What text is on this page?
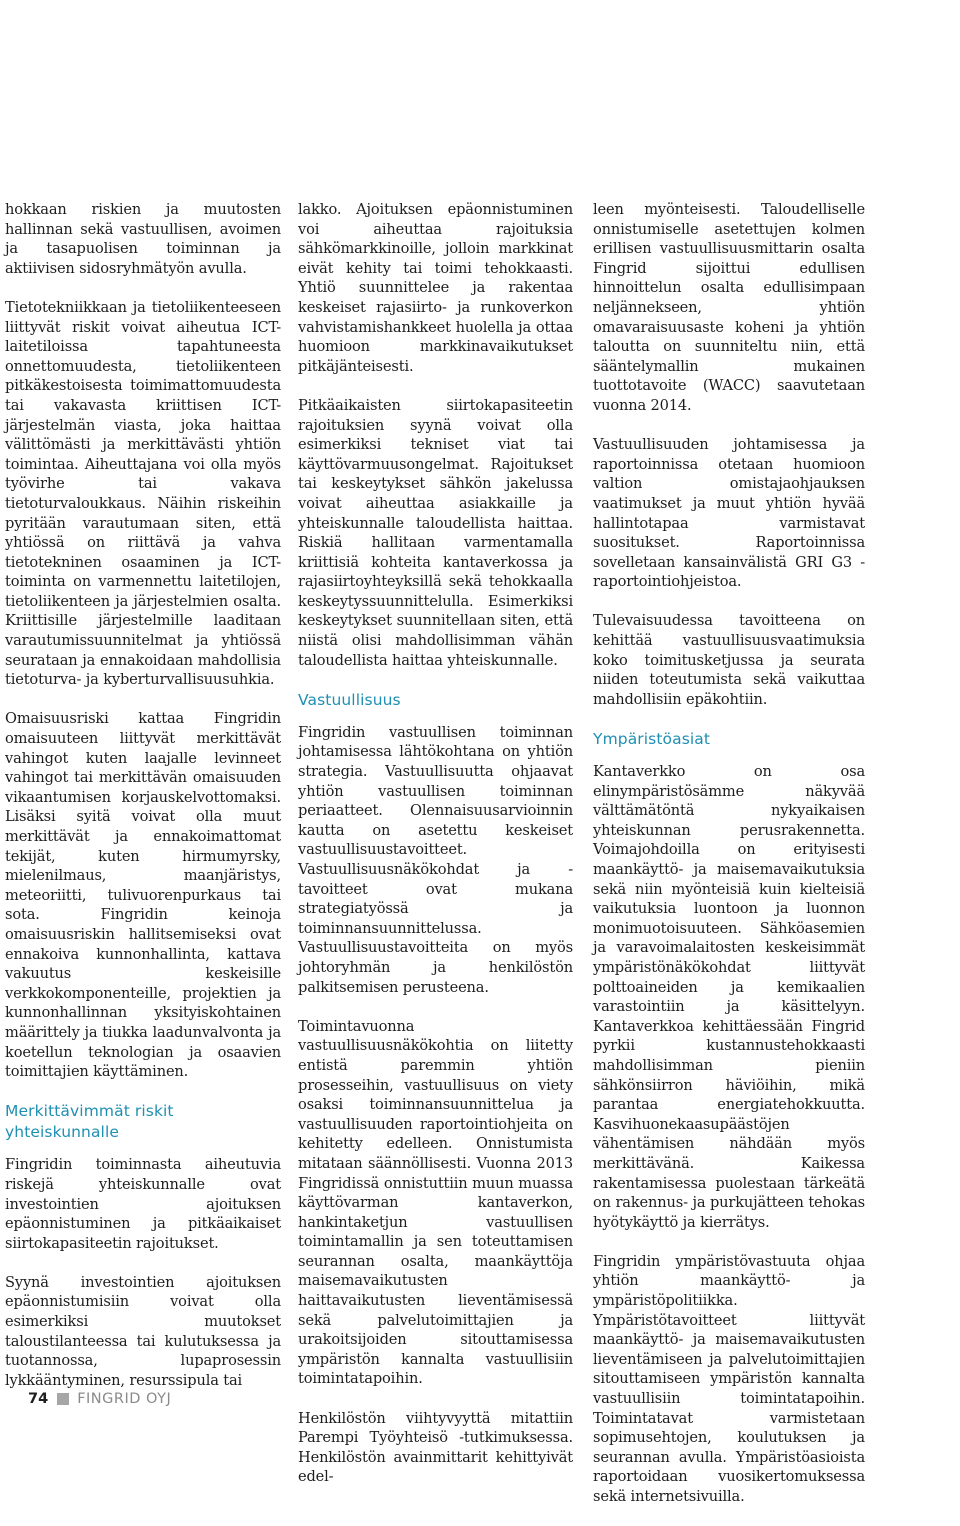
hokkaan riskien ja muutosten hallinnan sekä vastuullisen, avoimen ja tasapuolisen toiminnan ja aktiivisen sidosryhmätyön avulla.

Tietotekniikkaan ja tietoliikenteeseen liittyvät riskit voivat aiheutua ICT-laitetiloissa tapahtuneesta onnettomuudesta, tietoliikenteen pitkäkestoisesta toimimattomuudesta tai vakavasta kriittisen ICT-järjestelmän viasta, joka haittaa välittömästi ja merkittävästi yhtiön toimintaa. Aiheuttajana voi olla myös työvirhe tai vakava tietoturvaloukkaus. Näihin riskeihin pyritään varautumaan siten, että yhtiössä on riittävä ja vahva tietotekninen osaaminen ja ICT-toiminta on varmennettu laitetilojen, tietoliikenteen ja järjestelmien osalta. Kriittisille järjestelmille laaditaan varautumissuunnitelmat ja yhtiössä seurataan ja ennakoidaan mahdollisia tietoturva- ja kyberturvallisuusuhkia.

Omaisuusriski kattaa Fingridin omaisuuteen liittyvät merkittävät vahingot kuten laajalle levinneet vahingot tai merkittävän omaisuuden vikaantumisen korjauskelvottomaksi. Lisäksi syitä voivat olla muut merkittävät ja ennakoimattomat tekijät, kuten hirmumyrsky, mielenilmaus, maanjäristys, meteoriitti, tulivuorenpurkaus tai sota. Fingridin keinoja omaisuusriskin hallitsemiseksi ovat ennakoiva kunnonhallinta, kattava vakuutus keskeisille verkkokomponenteille, projektien ja kunnonhallinnan yksityiskohtainen määrittely ja tiukka laadunvalvonta ja koetellun teknologian ja osaavien toimittajien käyttäminen.

Merkittävimmät riskit yhteiskunnalle

Fingridin toiminnasta aiheutuvia riskejä yhteiskunnalle ovat investointien ajoituksen epäonnistuminen ja pitkäaikaiset siirtokapasiteetin rajoitukset.

Syynä investointien ajoituksen epäonnistumisiin voivat olla esimerkiksi muutokset taloustilanteessa tai kulutuksessa ja tuotannossa, lupaprosessin lykkääntyminen, resurssipula tai

lakko. Ajoituksen epäonnistuminen voi aiheuttaa rajoituksia sähkömarkkinoille, jolloin markkinat eivät kehity tai toimi tehokkaasti. Yhtiö suunnittelee ja rakentaa keskeiset rajasiirto- ja runkoverkon vahvistamishankkeet huolella ja ottaa huomioon markkinavaikutukset pitkäjänteisesti.

Pitkäaikaisten siirtokapasiteetin rajoituksien syynä voivat olla esimerkiksi tekniset viat tai käyttövarmuusongelmat. Rajoitukset tai keskeytykset sähkön jakelussa voivat aiheuttaa asiakkaille ja yhteiskunnalle taloudellista haittaa. Riskiä hallitaan varmentamalla kriittisiä kohteita kantaverkossa ja rajasiirtoyhteyksillä sekä tehokkaalla keskeytyssuunnittelulla. Esimerkiksi keskeytykset suunnitellaan siten, että niistä olisi mahdollisimman vähän taloudellista haittaa yhteiskunnalle.

Vastuullisuus

Fingridin vastuullisen toiminnan johtamisessa lähtökohtana on yhtiön strategia. Vastuullisuutta ohjaavat yhtiön vastuullisen toiminnan periaatteet. Olennaisuusarvioinnin kautta on asetettu keskeiset vastuullisuustavoitteet. Vastuullisuusnäkökohdat ja -tavoitteet ovat mukana strategiatyössä ja toiminnansuunnittelussa. Vastuullisuustavoitteita on myös johtoryhmän ja henkilöstön palkitsemisen perusteena.

Toimintavuonna vastuullisuusnäkökohtia on liitetty entistä paremmin yhtiön prosesseihin, vastuullisuus on viety osaksi toiminnansuunnittelua ja vastuullisuuden raportointiohjeita on kehitetty edelleen. Onnistumista mitataan säännöllisesti. Vuonna 2013 Fingridissä onnistuttiin muun muassa käyttövarman kantaverkon, hankintaketjun vastuullisen toimintamallin ja sen toteuttamisen seurannan osalta, maankäyttöja maisemavaikutusten haittavaikutusten lieventämisessä sekä palvelutoimittajien ja urakoitsijoiden sitouttamisessa ympäristön kannalta vastuullisiin toimintatapoihin.

Henkilöstön viihtyvyyttä mitattiin Parempi Työyhteisö -tutkimuksessa. Henkilöstön avainmittarit kehittyivät edel-

leen myönteisesti. Taloudelliselle onnistumiselle asetettujen kolmen erillisen vastuullisuusmittarin osalta Fingrid sijoittui edullisen hinnoittelun osalta edullisimpaan neljännekseen, yhtiön omavaraisuusaste koheni ja yhtiön taloutta on suunniteltu niin, että sääntelymallin mukainen tuottotavoite (WACC) saavutetaan vuonna 2014.

Vastuullisuuden johtamisessa ja raportoinnissa otetaan huomioon valtion omistajaohjauksen vaatimukset ja muut yhtiön hyvää hallintotapaa varmistavat suositukset. Raportoinnissa sovelletaan kansainvälistä GRI G3 -raportointiohjeistoa.

Tulevaisuudessa tavoitteena on kehittää vastuullisuusvaatimuksia koko toimitusketjussa ja seurata niiden toteutumista sekä vaikuttaa mahdollisiin epäkohtiin.

Ympäristöasiat

Kantaverkko on osa elinympäristösämme näkyvää välttämätöntä nykyaikaisen yhteiskunnan perusrakennetta. Voimajohdoilla on erityisesti maankäyttö- ja maisemavaikutuksia sekä niin myönteisiä kuin kielteisiä vaikutuksia luontoon ja luonnon monimuotoisuuteen. Sähköasemien ja varavoimalaitosten keskeisimmät ympäristönäkökohdat liittyvät polttoaineiden ja kemikaalien varastointiin ja käsittelyyn. Kantaverkkoa kehittäessään Fingrid pyrkii kustannustehokkaasti mahdollisimman pieniin sähkönsiirron häviöihin, mikä parantaa energiatehokkuutta. Kasvihuonekaasupäästöjen vähentämisen nähdään myös merkittävänä. Kaikessa rakentamisessa puolestaan tärkeätä on rakennus- ja purkujätteen tehokas hyötykäyttö ja kierrätys.

Fingridin ympäristövastuuta ohjaa yhtiön maankäyttö- ja ympäristöpolitiikka. Ympäristötavoitteet liittyvät maankäyttö- ja maisemavaikutusten lieventämiseen ja palvelutoimittajien sitouttamiseen ympäristön kannalta vastuullisiin toimintatapoihin. Toimintatavat varmistetaan sopimusehtojen, koulutuksen ja seurannan avulla. Ympäristöasioista raportoidaan vuosikertomuksessa sekä internetsivuilla.

74 FINGRID OYJ
